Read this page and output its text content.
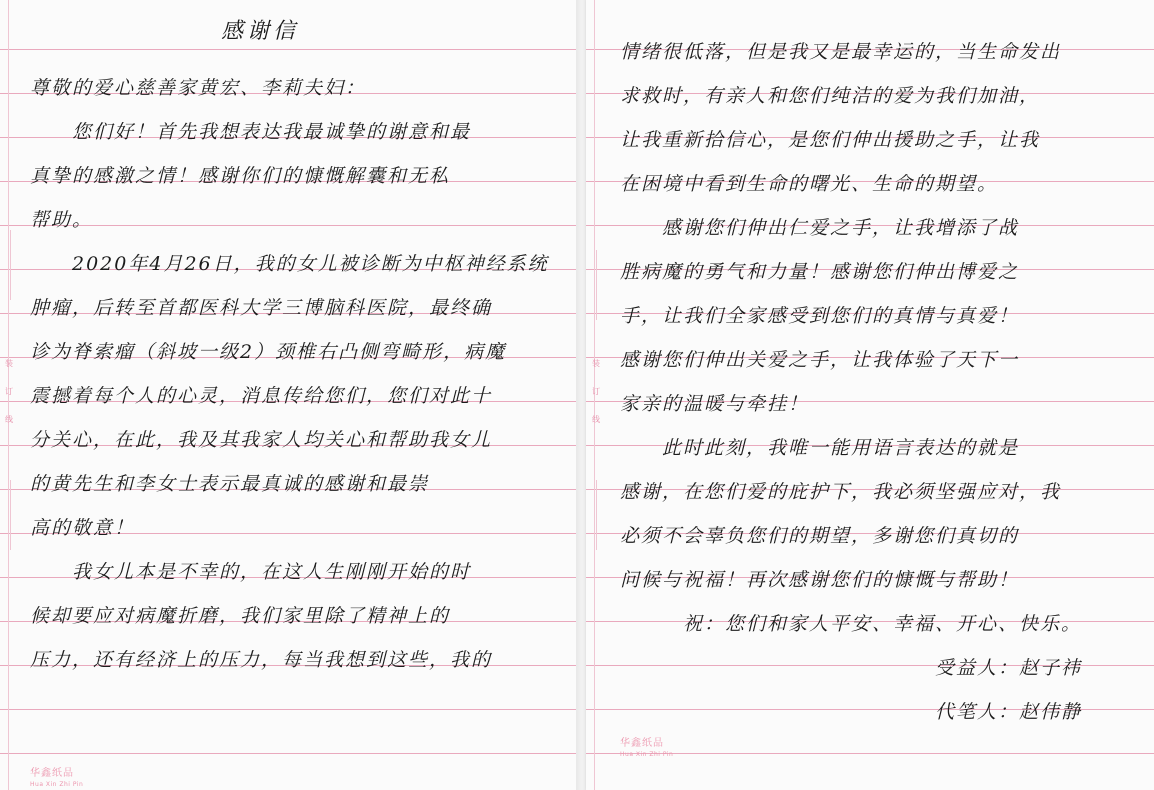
装
订
线
感谢信
尊敬的爱心慈善家黄宏、李莉夫妇：
　　您们好！首先我想表达我最诚挚的谢意和最
真挚的感激之情！感谢你们的慷慨解囊和无私
帮助。
　　2020年4月26日，我的女儿被诊断为中枢神经系统
肿瘤，后转至首都医科大学三博脑科医院，最终确
诊为脊索瘤（斜坡一级2）颈椎右凸侧弯畸形，病魔
震撼着每个人的心灵，消息传给您们，您们对此十
分关心，在此，我及其我家人均关心和帮助我女儿
的黄先生和李女士表示最真诚的感谢和最崇
高的敬意！
　　我女儿本是不幸的，在这人生刚刚开始的时
候却要应对病魔折磨，我们家里除了精神上的
压力，还有经济上的压力，每当我想到这些，我的
华鑫纸品
Hua Xin Zhi Pin
装
订
线
情绪很低落，但是我又是最幸运的，当生命发出
求救时，有亲人和您们纯洁的爱为我们加油，
让我重新拾信心，是您们伸出援助之手，让我
在困境中看到生命的曙光、生命的期望。
　　感谢您们伸出仁爱之手，让我增添了战
胜病魔的勇气和力量！感谢您们伸出博爱之
手，让我们全家感受到您们的真情与真爱！
感谢您们伸出关爱之手，让我体验了天下一
家亲的温暖与牵挂！
　　此时此刻，我唯一能用语言表达的就是
感谢，在您们爱的庇护下，我必须坚强应对，我
必须不会辜负您们的期望，多谢您们真切的
问候与祝福！再次感谢您们的慷慨与帮助！
　　　祝：您们和家人平安、幸福、开心、快乐。
　　　　　　　　　　　　　　　受益人：赵子祎
　　　　　　　　　　　　　　　代笔人：赵伟静
华鑫纸品
Hua Xin Zhi Pin
